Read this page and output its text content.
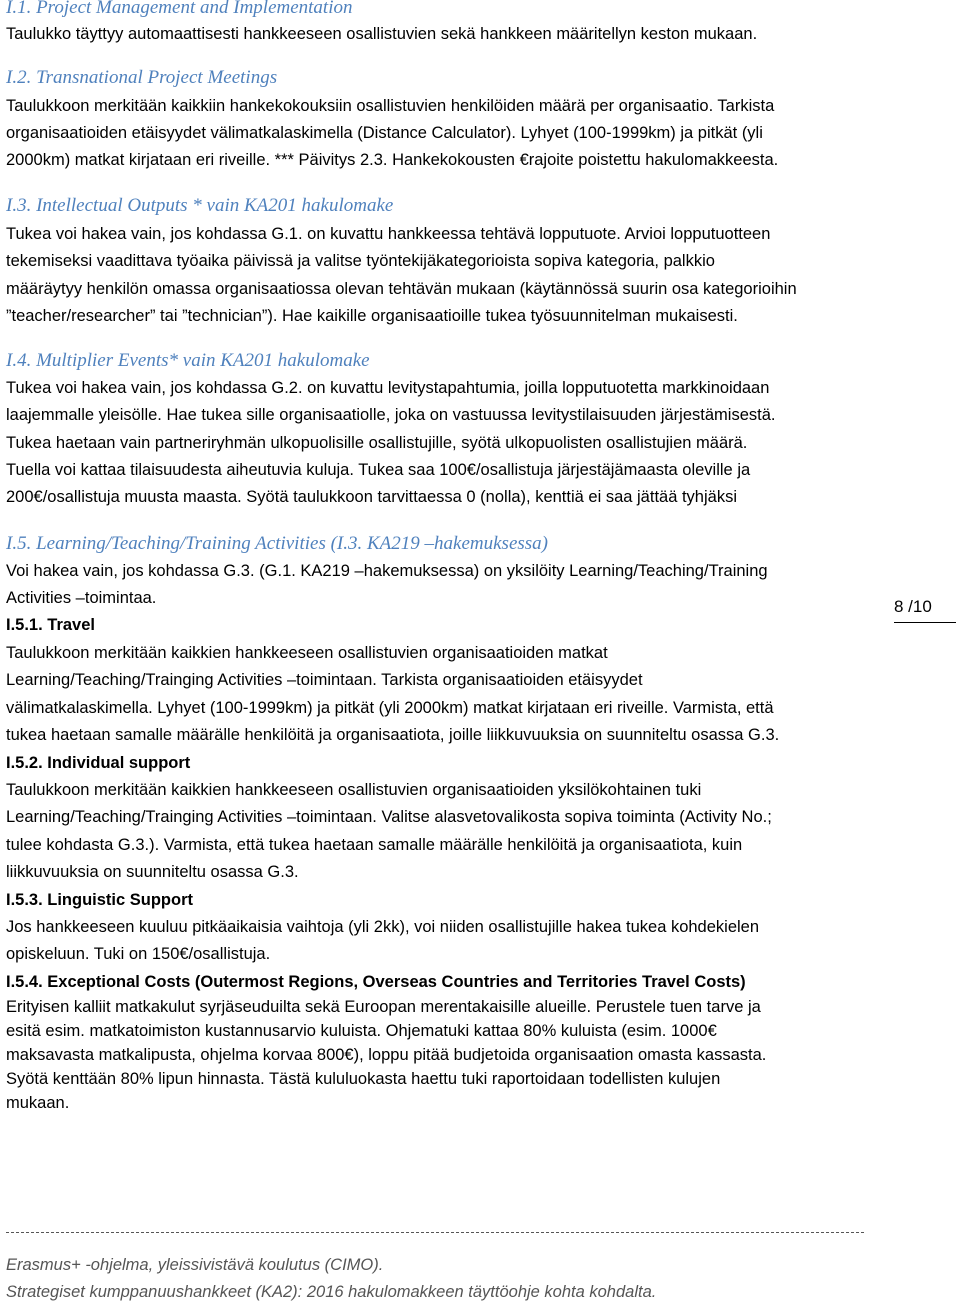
I.1. Project Management and Implementation
Taulukko täyttyy automaattisesti hankkeeseen osallistuvien sekä hankkeen määritellyn keston mukaan.
I.2. Transnational Project Meetings
Taulukkoon merkitään kaikkiin hankekokouksiin osallistuvien henkilöiden määrä per organisaatio. Tarkista
organisaatioiden etäisyydet välimatkalaskimella (Distance Calculator). Lyhyet (100-1999km) ja pitkät (yli
2000km) matkat kirjataan eri riveille. *** Päivitys 2.3. Hankekokousten €rajoite poistettu hakulomakkeesta.
I.3. Intellectual Outputs * vain KA201 hakulomake
Tukea voi hakea vain, jos kohdassa G.1. on kuvattu hankkeessa tehtävä lopputuote. Arvioi lopputuotteen
tekemiseksi vaadittava työaika päivissä ja valitse työntekijäkategorioista sopiva kategoria, palkkio
määräytyy henkilön omassa organisaatiossa olevan tehtävän mukaan (käytännössä suurin osa kategorioihin
”teacher/researcher” tai ”technician”). Hae kaikille organisaatioille tukea työsuunnitelman mukaisesti.
I.4. Multiplier Events* vain KA201 hakulomake
Tukea voi hakea vain, jos kohdassa G.2. on kuvattu levitystapahtumia, joilla lopputuotetta markkinoidaan
laajemmalle yleisölle. Hae tukea sille organisaatiolle, joka on vastuussa levitystilaisuuden järjestämisestä.
Tukea haetaan vain partneriryhmän ulkopuolisille osallistujille, syötä ulkopuolisten osallistujien määrä.
Tuella voi kattaa tilaisuudesta aiheutuvia kuluja. Tukea saa 100€/osallistuja järjestäjämaasta oleville ja
200€/osallistuja muusta maasta. Syötä taulukkoon tarvittaessa 0 (nolla), kenttiä ei saa jättää tyhjäksi
I.5. Learning/Teaching/Training Activities (I.3. KA219 –hakemuksessa)
Voi hakea vain, jos kohdassa G.3. (G.1. KA219 –hakemuksessa) on yksilöity Learning/Teaching/Training
Activities –toimintaa.
I.5.1. Travel
Taulukkoon merkitään kaikkien hankkeeseen osallistuvien organisaatioiden matkat
Learning/Teaching/Trainging Activities –toimintaan. Tarkista organisaatioiden etäisyydet
välimatkalaskimella. Lyhyet (100-1999km) ja pitkät (yli 2000km) matkat kirjataan eri riveille. Varmista, että
tukea haetaan samalle määrälle henkilöitä ja organisaatiota, joille liikkuvuuksia on suunniteltu osassa G.3.
I.5.2. Individual support
Taulukkoon merkitään kaikkien hankkeeseen osallistuvien organisaatioiden yksilökohtainen tuki
Learning/Teaching/Trainging Activities –toimintaan. Valitse alasvetovalikosta sopiva toiminta (Activity No.;
tulee kohdasta G.3.). Varmista, että tukea haetaan samalle määrälle henkilöitä ja organisaatiota, kuin
liikkuvuuksia on suunniteltu osassa G.3.
I.5.3. Linguistic Support
Jos hankkeeseen kuuluu pitkäaikaisia vaihtoja (yli 2kk), voi niiden osallistujille hakea tukea kohdekielen
opiskeluun. Tuki on 150€/osallistuja.
I.5.4. Exceptional Costs (Outermost Regions, Overseas Countries and Territories Travel Costs)
Erityisen kalliit matkakulut syrjäseuduilta sekä Euroopan merentakaisille alueille. Perustele tuen tarve ja
esitä esim. matkatoimiston kustannusarvio kuluista. Ohjematuki kattaa 80% kuluista (esim. 1000€
maksavasta matkalipusta, ohjelma korvaa 800€), loppu pitää budjetoida organisaation omasta kassasta.
Syötä kenttään 80% lipun hinnasta. Tästä kululuokasta haettu tuki raportoidaan todellisten kulujen
mukaan.
8 /10
Erasmus+ -ohjelma, yleissivistävä koulutus (CIMO).
Strategiset kumppanuushankkeet (KA2): 2016 hakulomakkeen täyttöohje kohta kohdalta.
